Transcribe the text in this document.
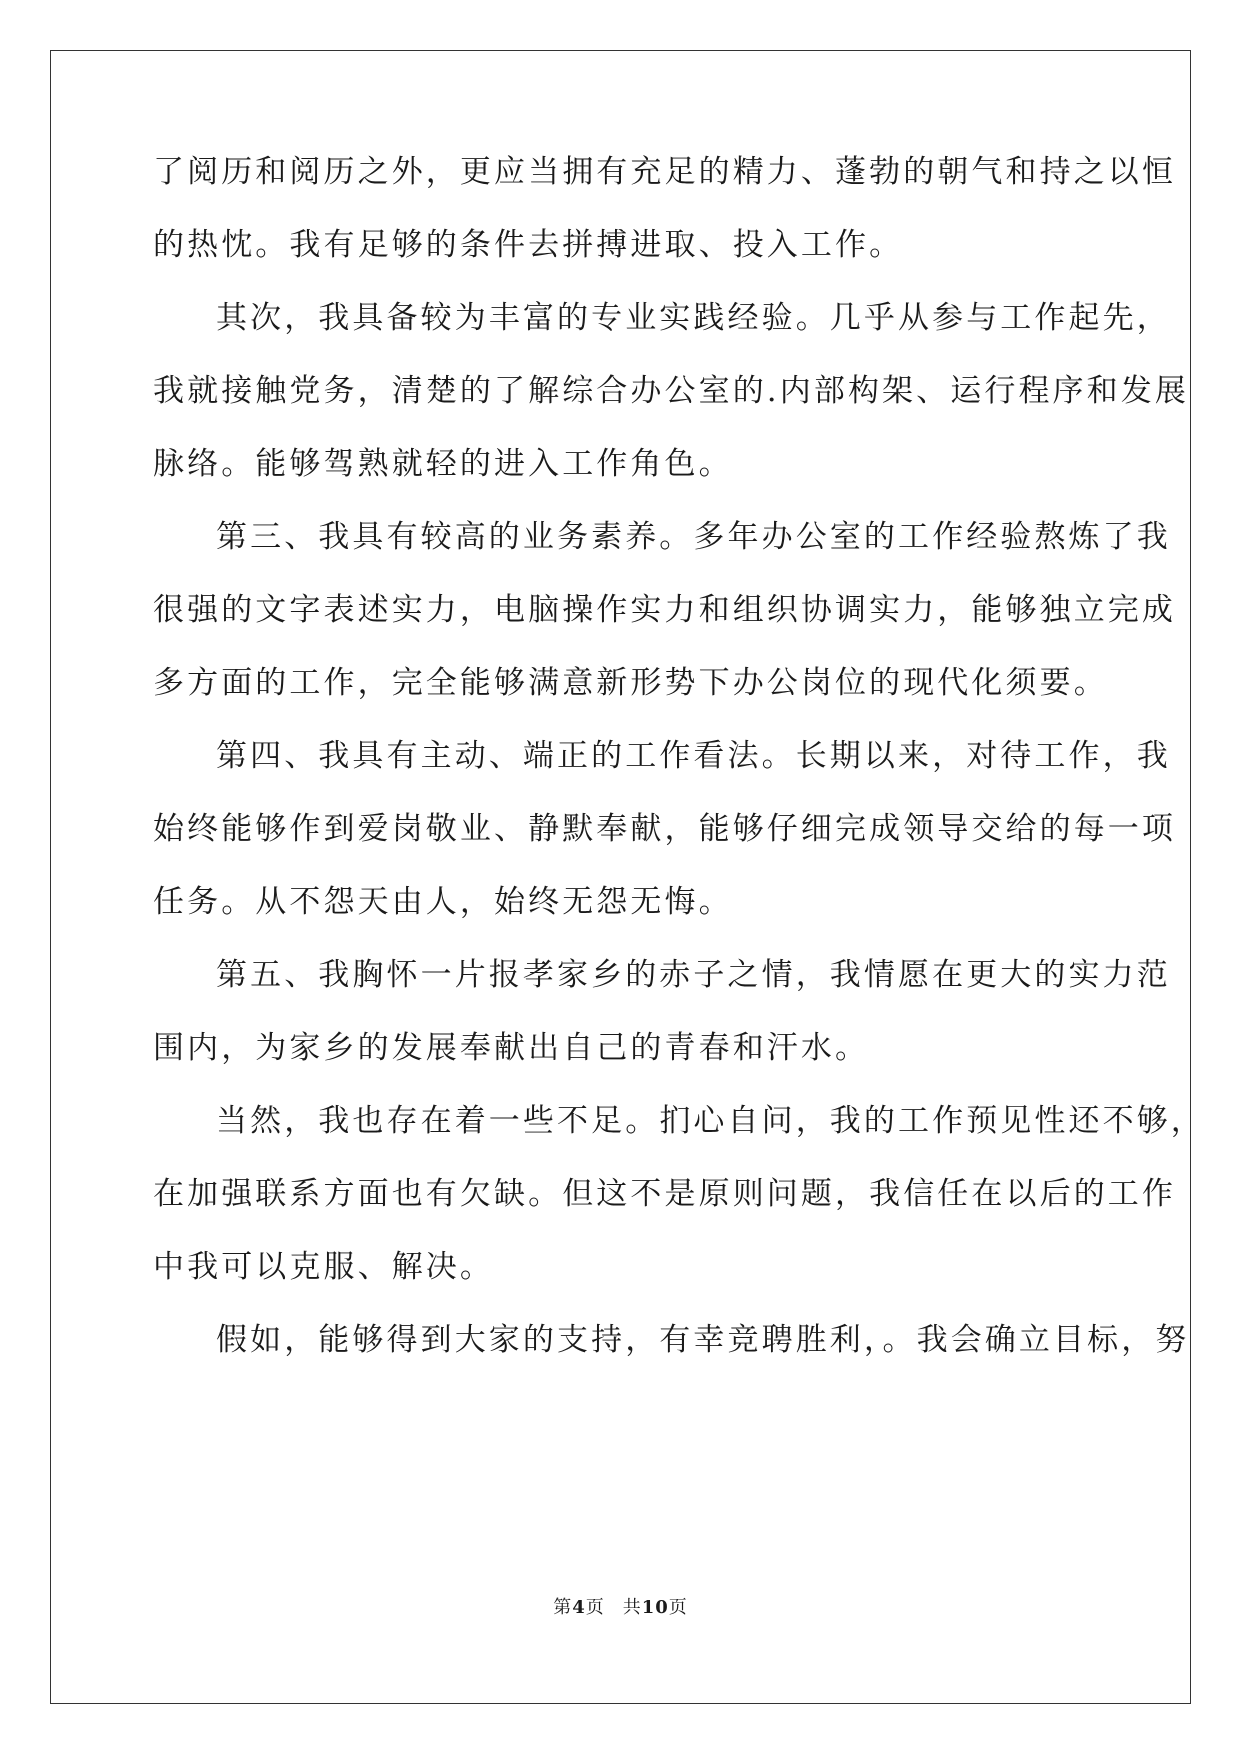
了阅历和阅历之外，更应当拥有充足的精力、蓬勃的朝气和持之以恒
的热忱。我有足够的条件去拼搏进取、投入工作。
其次，我具备较为丰富的专业实践经验。几乎从参与工作起先，
我就接触党务，清楚的了解综合办公室的.内部构架、运行程序和发展
脉络。能够驾熟就轻的进入工作角色。
第三、我具有较高的业务素养。多年办公室的工作经验熬炼了我
很强的文字表述实力，电脑操作实力和组织协调实力，能够独立完成
多方面的工作，完全能够满意新形势下办公岗位的现代化须要。
第四、我具有主动、端正的工作看法。长期以来，对待工作，我
始终能够作到爱岗敬业、静默奉献，能够仔细完成领导交给的每一项
任务。从不怨天由人，始终无怨无悔。
第五、我胸怀一片报孝家乡的赤子之情，我情愿在更大的实力范
围内，为家乡的发展奉献出自己的青春和汗水。
当然，我也存在着一些不足。扪心自问，我的工作预见性还不够，
在加强联系方面也有欠缺。但这不是原则问题，我信任在以后的工作
中我可以克服、解决。
假如，能够得到大家的支持，有幸竞聘胜利，。我会确立目标，努
第4页 共10页
